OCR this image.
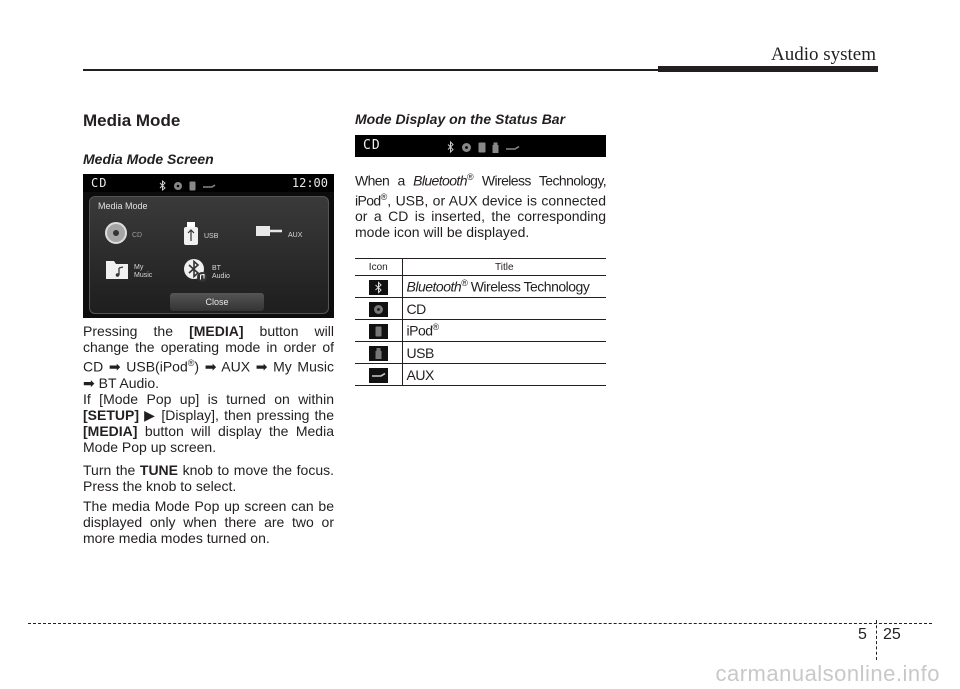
Audio system
Media Mode
Media Mode Screen
CD	12:00
Media Mode
CD	USB	AUX
My
Music
BT
Audio
Close
Pressing the [MEDIA] button will change the operating mode in order of CD ➡ USB(iPod®) ➡ AUX ➡ My Music ➡ BT Audio.
If [Mode Pop up] is turned on within [SETUP] ▶ [Display], then pressing the [MEDIA] button will display the Media Mode Pop up screen.
Turn the TUNE knob to move the focus. Press the knob to select.
The media Mode Pop up screen can be displayed only when there are two or more media modes turned on.
Mode Display on the Status Bar
CD
When a Bluetooth® Wireless Technology, iPod®, USB, or AUX device is connected or a CD is inserted, the corresponding mode icon will be displayed.
Icon	Title
	Bluetooth® Wireless Technology
	CD
	iPod®
	USB
	AUX
5 25
carmanualsonline.info
